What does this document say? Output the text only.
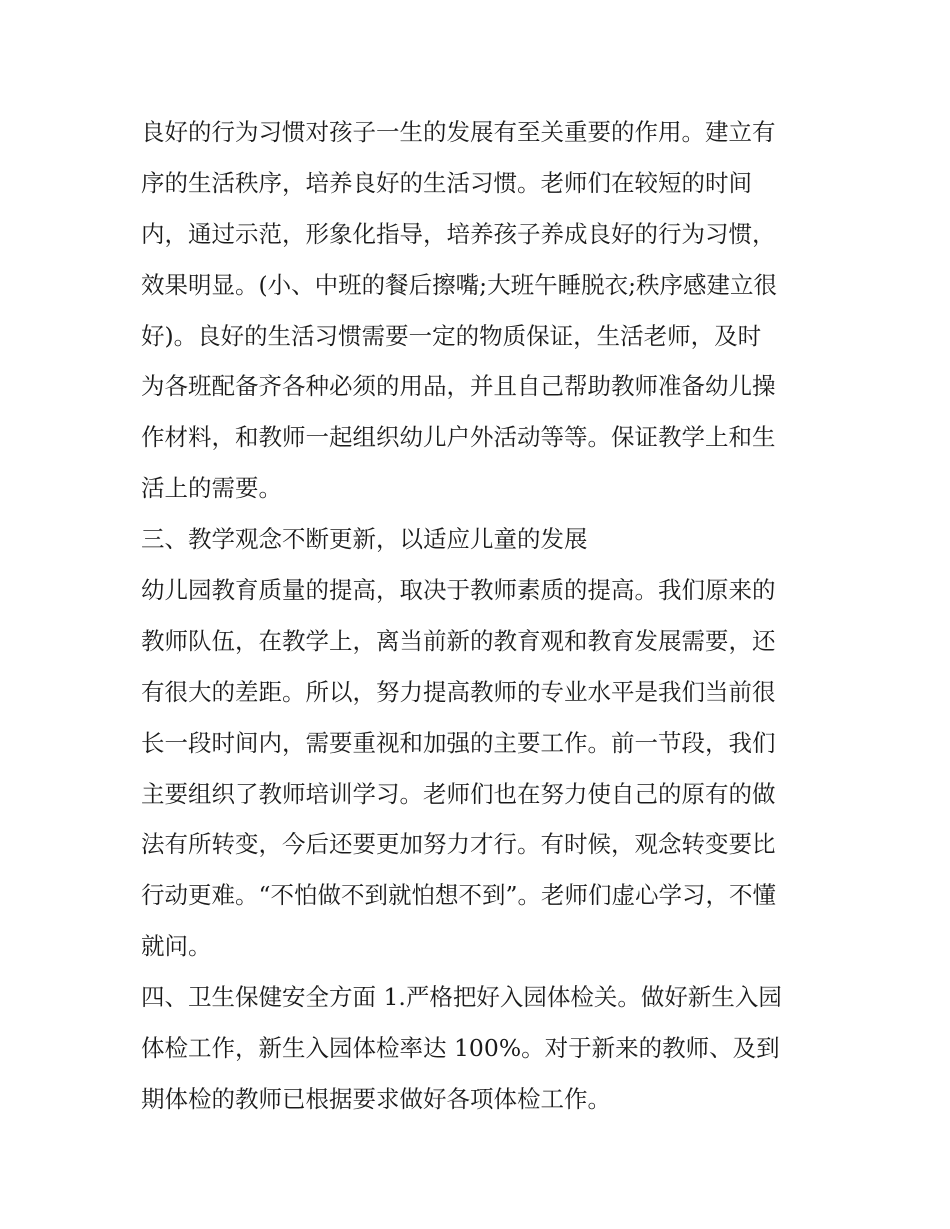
良好的行为习惯对孩子一生的发展有至关重要的作用。建立有
序的生活秩序，培养良好的生活习惯。老师们在较短的时间
内，通过示范，形象化指导，培养孩子养成良好的行为习惯，
效果明显。(小、中班的餐后擦嘴;大班午睡脱衣;秩序感建立很
好)。良好的生活习惯需要一定的物质保证，生活老师，及时
为各班配备齐各种必须的用品，并且自己帮助教师准备幼儿操
作材料，和教师一起组织幼儿户外活动等等。保证教学上和生
活上的需要。
三、教学观念不断更新，以适应儿童的发展
幼儿园教育质量的提高，取决于教师素质的提高。我们原来的
教师队伍，在教学上，离当前新的教育观和教育发展需要，还
有很大的差距。所以，努力提高教师的专业水平是我们当前很
长一段时间内，需要重视和加强的主要工作。前一节段，我们
主要组织了教师培训学习。老师们也在努力使自己的原有的做
法有所转变，今后还要更加努力才行。有时候，观念转变要比
行动更难。“不怕做不到就怕想不到”。老师们虚心学习，不懂
就问。
四、卫生保健安全方面 1.严格把好入园体检关。做好新生入园
体检工作，新生入园体检率达 100%。对于新来的教师、及到
期体检的教师已根据要求做好各项体检工作。
